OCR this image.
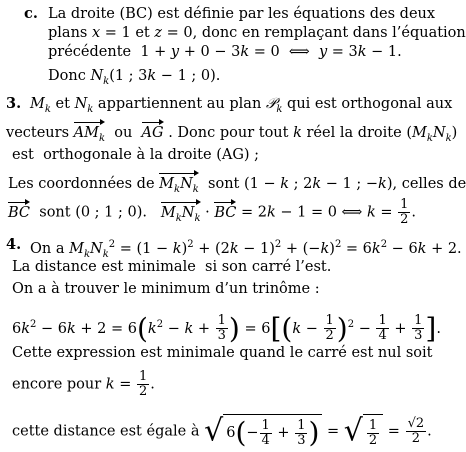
c. La droite (BC) est définie par les équations des deux
plans x = 1 et z = 0, donc en remplaçant dans l’équation
précédente  1 + y + 0 − 3k = 0  ⟺  y = 3k − 1.
Donc $N_k(1$ ; 3k − 1 ; 0).
3. $M_k$ et $N_k$ appartiennent au plan 𝒫$_k$ qui est orthogonal aux
vecteurs $AM_k$  ou  AG . Donc pour tout k réel la droite $(M_kN_k)$
est  orthogonale à la droite (AG) ;
Les coordonnées de $M_kN_k$  sont (1 − k ; 2k − 1 ; −k), celles de
BC  sont (0 ; 1 ; 0).   $M_kN_k$ · BC = 2k − 1 = 0 ⟺ $k = \frac{1}{2}$ .
4. On a $M_kN_k^2 = (1 - k)^2 + (2k - 1)^2 + (-k)^2 = 6k^2 - 6k + 2$.
La distance est minimale  si son carré l’est.
On a à trouver le minimum d’un trinôme :
$6k^2 - 6k + 2 = 6(k^2 - k + \frac{1}{3}$ ) = $6[(k - \frac{1}{2} )^2 - \frac{1}{4} + \frac{1}{3}$ ].
Cette expression est minimale quand le carré est nul soit
encore pour $k = \frac{1}{2}$ .
cette distance est égale à √ $6(- \frac{1}{4} + \frac{1}{3}$ ) = √ $\frac{1}{2} = \frac{√2}{2}$ .
